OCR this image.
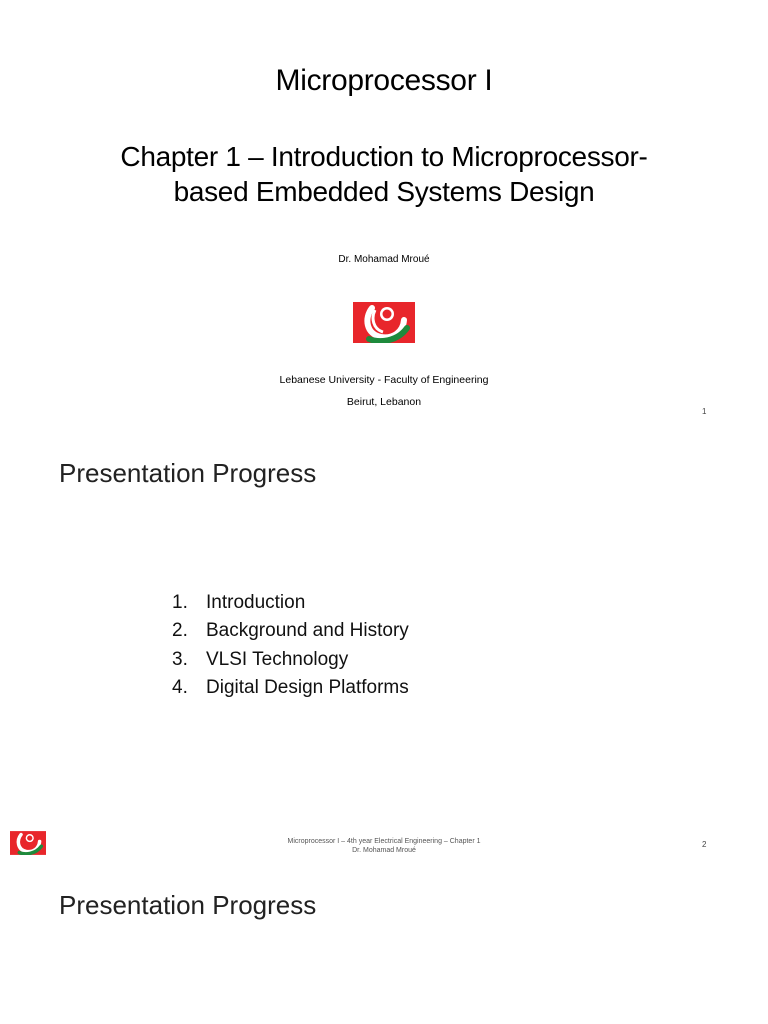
Microprocessor I
Chapter 1 – Introduction to Microprocessor-
based Embedded Systems Design
Dr. Mohamad Mroué
Lebanese University - Faculty of Engineering
Beirut, Lebanon
1
Presentation Progress
1. Introduction
2. Background and History
3. VLSI Technology
4. Digital Design Platforms
Microprocessor I – 4th year Electrical Engineering – Chapter 1
Dr. Mohamad Mroué
2
Presentation Progress
